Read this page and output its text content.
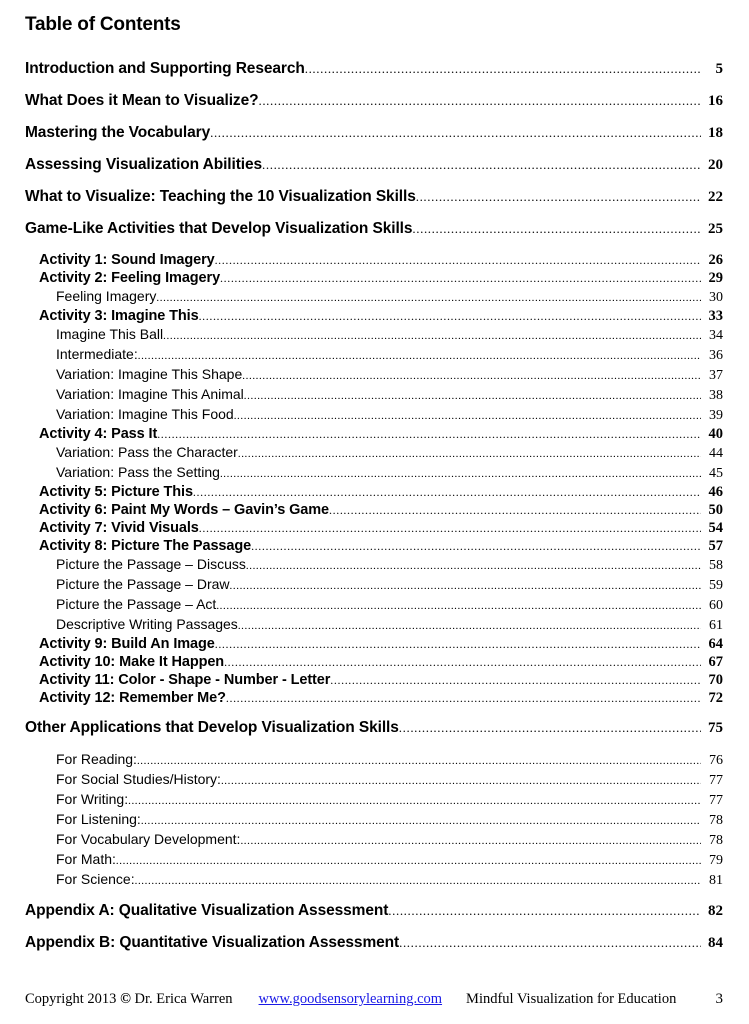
Table of Contents
Introduction and Supporting Research .....	5
What Does it Mean to Visualize? .....	16
Mastering the Vocabulary .....	18
Assessing Visualization Abilities .....	20
What to Visualize: Teaching the 10 Visualization Skills .....	22
Game-Like Activities that Develop Visualization Skills .....	25
Activity 1: Sound Imagery .....	26
Activity 2: Feeling Imagery .....	29
Feeling Imagery .....	30
Activity 3: Imagine This .....	33
Imagine This Ball .....	34
Intermediate: .....	36
Variation: Imagine This Shape .....	37
Variation: Imagine This Animal .....	38
Variation: Imagine This Food .....	39
Activity 4: Pass It .....	40
Variation: Pass the Character .....	44
Variation: Pass the Setting .....	45
Activity 5: Picture This .....	46
Activity 6: Paint My Words – Gavin’s Game .....	50
Activity 7: Vivid Visuals .....	54
Activity 8: Picture The Passage .....	57
Picture the Passage – Discuss .....	58
Picture the Passage – Draw .....	59
Picture the Passage – Act .....	60
Descriptive Writing Passages .....	61
Activity 9: Build An Image .....	64
Activity 10: Make It Happen .....	67
Activity 11: Color - Shape - Number - Letter .....	70
Activity 12: Remember Me? .....	72
Other Applications that Develop Visualization Skills .....	75
For Reading: .....	76
For Social Studies/History: .....	77
For Writing: .....	77
For Listening: .....	78
For Vocabulary Development: .....	78
For Math: .....	79
For Science: .....	81
Appendix A: Qualitative Visualization Assessment .....	82
Appendix B: Quantitative Visualization Assessment .....	84
Copyright 2013 © Dr. Erica Warren www.goodsensorylearning.com Mindful Visualization for Education	3
